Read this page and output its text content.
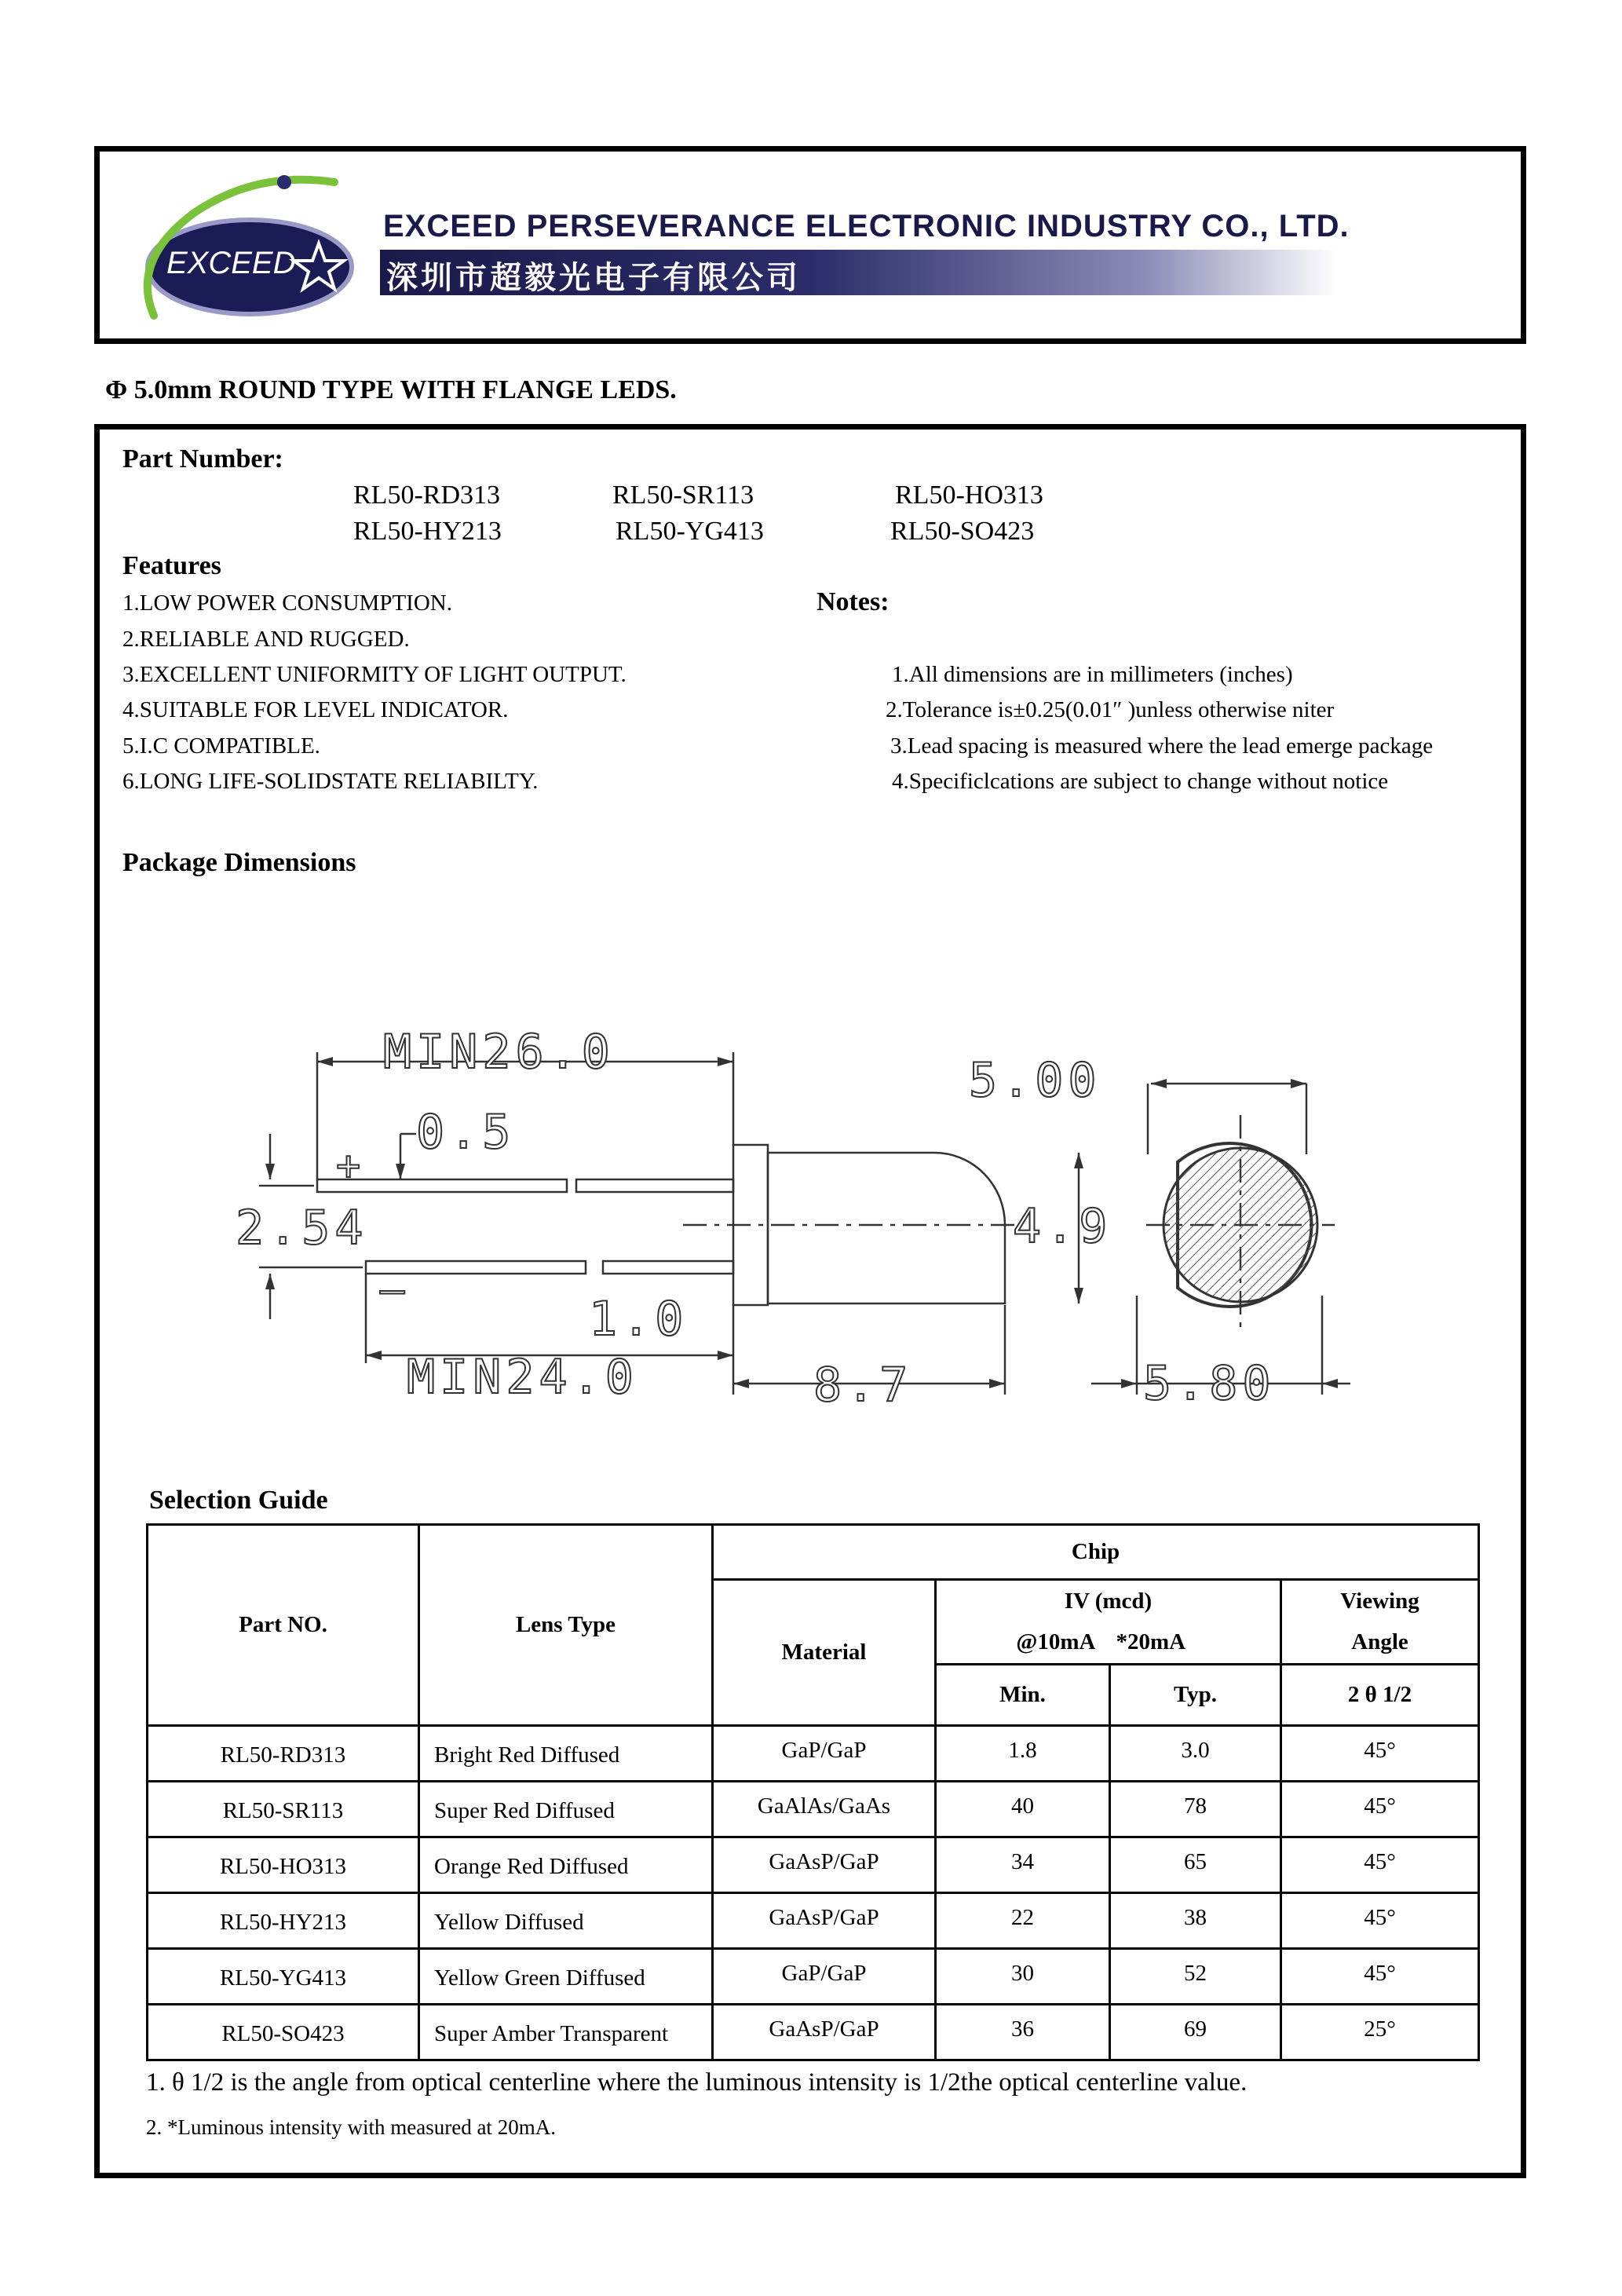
EXCEED
EXCEED PERSEVERANCE ELECTRONIC INDUSTRY CO., LTD.
深圳市超毅光电子有限公司
Φ 5.0mm ROUND TYPE WITH FLANGE LEDS.
Part Number:
RL50-RD313	RL50-SR113	RL50-HO313
RL50-HY213	RL50-YG413	RL50-SO423
Features
1.LOW POWER CONSUMPTION.
2.RELIABLE AND RUGGED.
3.EXCELLENT UNIFORMITY OF LIGHT OUTPUT.
4.SUITABLE FOR LEVEL INDICATOR.
5.I.C COMPATIBLE.
6.LONG LIFE-SOLIDSTATE RELIABILTY.
Notes:
1.All dimensions are in millimeters (inches)
2.Tolerance is±0.25(0.01″ )unless otherwise niter
3.Lead spacing is measured where the lead emerge package
4.Specificlcations are subject to change without notice
Package Dimensions
MIN26.0
0.5
2.54
1.0
MIN24.0	8.7
5.00
4.9
5.80
+
—
Selection Guide
Part NO.	Lens Type	Chip			
		Material	IV (mcd)		Viewing
			@10mA	*20mA	Angle
			Min.	Typ.	2 θ 1/2
RL50-RD313	Bright Red Diffused	GaP/GaP	1.8	3.0	45°
RL50-SR113	Super Red Diffused	GaAlAs/GaAs	40	78	45°
RL50-HO313	Orange Red Diffused	GaAsP/GaP	34	65	45°
RL50-HY213	Yellow Diffused	GaAsP/GaP	22	38	45°
RL50-YG413	Yellow Green Diffused	GaP/GaP	30	52	45°
RL50-SO423	Super Amber Transparent	GaAsP/GaP	36	69	25°
1. θ 1/2 is the angle from optical centerline where the luminous intensity is 1/2the optical centerline value.
2. *Luminous intensity with measured at 20mA.
